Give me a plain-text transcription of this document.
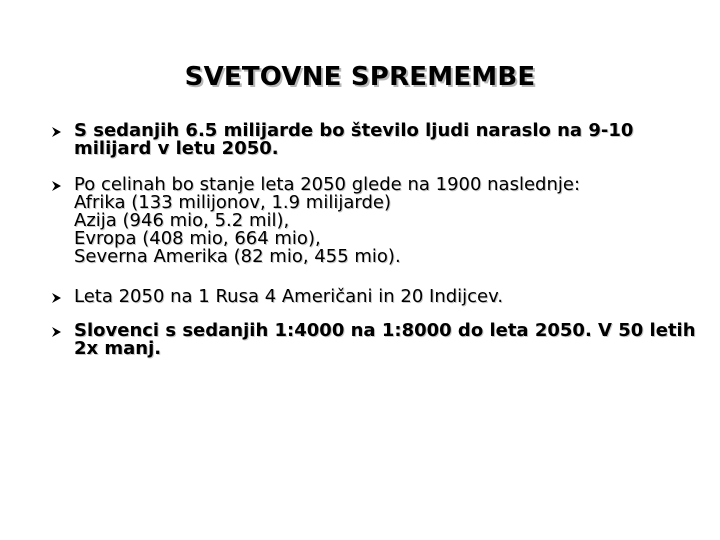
SVETOVNE SPREMEMBE
S sedanjih 6.5 milijarde bo število ljudi naraslo na 9-10
milijard v letu 2050.
Po celinah bo stanje leta 2050 glede na 1900 naslednje:
Afrika (133 milijonov, 1.9 milijarde)
Azija (946 mio, 5.2 mil),
Evropa (408 mio, 664 mio),
Severna Amerika (82 mio, 455 mio).
Leta 2050 na 1 Rusa 4 Američani in 20 Indijcev.
Slovenci s sedanjih 1:4000 na 1:8000 do leta 2050. V 50 letih
2x manj.
